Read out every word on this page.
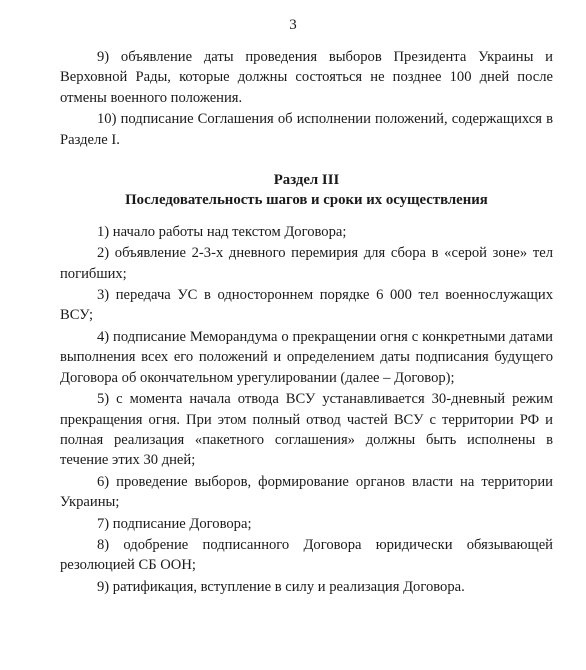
3

9) объявление даты проведения выборов Президента Украины и Верховной Рады, которые должны состояться не позднее 100 дней после отмены военного положения.

10) подписание Соглашения об исполнении положений, содержащихся в Разделе I.

Раздел III
Последовательность шагов и сроки их осуществления

1) начало работы над текстом Договора;

2) объявление 2-3-х дневного перемирия для сбора в «серой зоне» тел погибших;

3) передача УС в одностороннем порядке 6 000 тел военнослужащих ВСУ;

4) подписание Меморандума о прекращении огня с конкретными датами выполнения всех его положений и определением даты подписания будущего Договора об окончательном урегулировании (далее – Договор);

5) с момента начала отвода ВСУ устанавливается 30-дневный режим прекращения огня. При этом полный отвод частей ВСУ с территории РФ и полная реализация «пакетного соглашения» должны быть исполнены в течение этих 30 дней;

6) проведение выборов, формирование органов власти на территории Украины;

7) подписание Договора;

8) одобрение подписанного Договора юридически обязывающей резолюцией СБ ООН;

9) ратификация, вступление в силу и реализация Договора.
